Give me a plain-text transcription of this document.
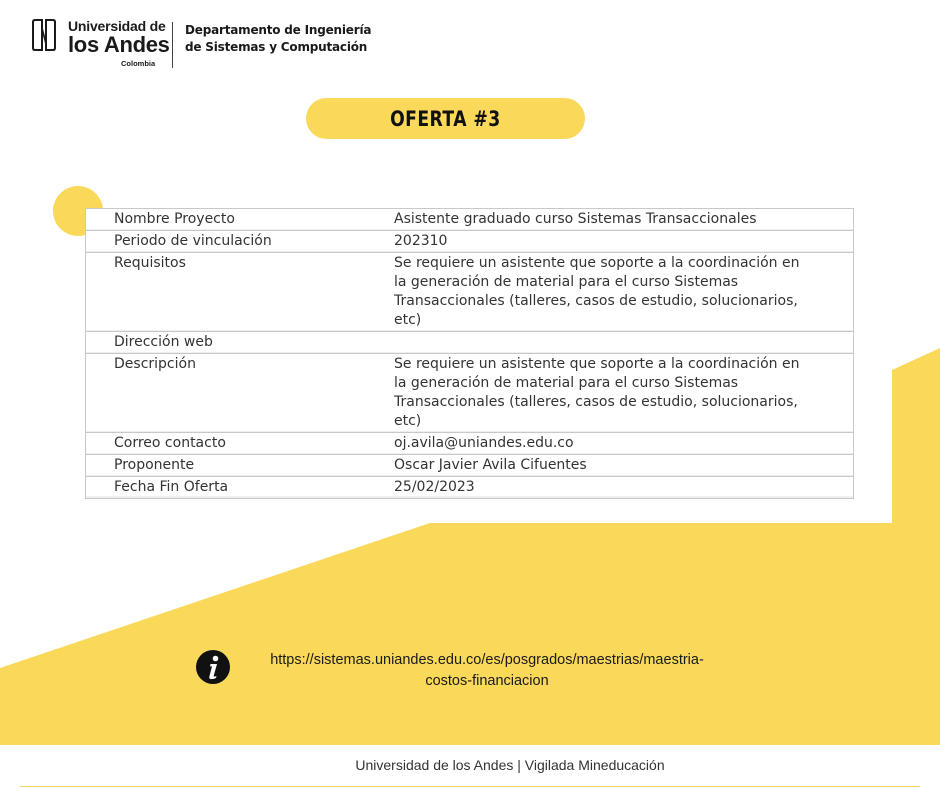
Universidad de
los Andes
Colombia
Departamento de Ingeniería
de Sistemas y Computación
OFERTA #3
Nombre Proyecto	Asistente graduado curso Sistemas Transaccionales
Periodo de vinculación	202310
Requisitos	Se requiere un asistente que soporte a la coordinación en la generación de material para el curso Sistemas Transaccionales (talleres, casos de estudio, solucionarios, etc)
Dirección web	
Descripción	Se requiere un asistente que soporte a la coordinación en la generación de material para el curso Sistemas Transaccionales (talleres, casos de estudio, solucionarios, etc)
Correo contacto	oj.avila@uniandes.edu.co
Proponente	Oscar Javier Avila Cifuentes
Fecha Fin Oferta	25/02/2023
https://sistemas.uniandes.edu.co/es/posgrados/maestrias/maestria-
costos-financiacion
Universidad de los Andes | Vigilada Mineducación
